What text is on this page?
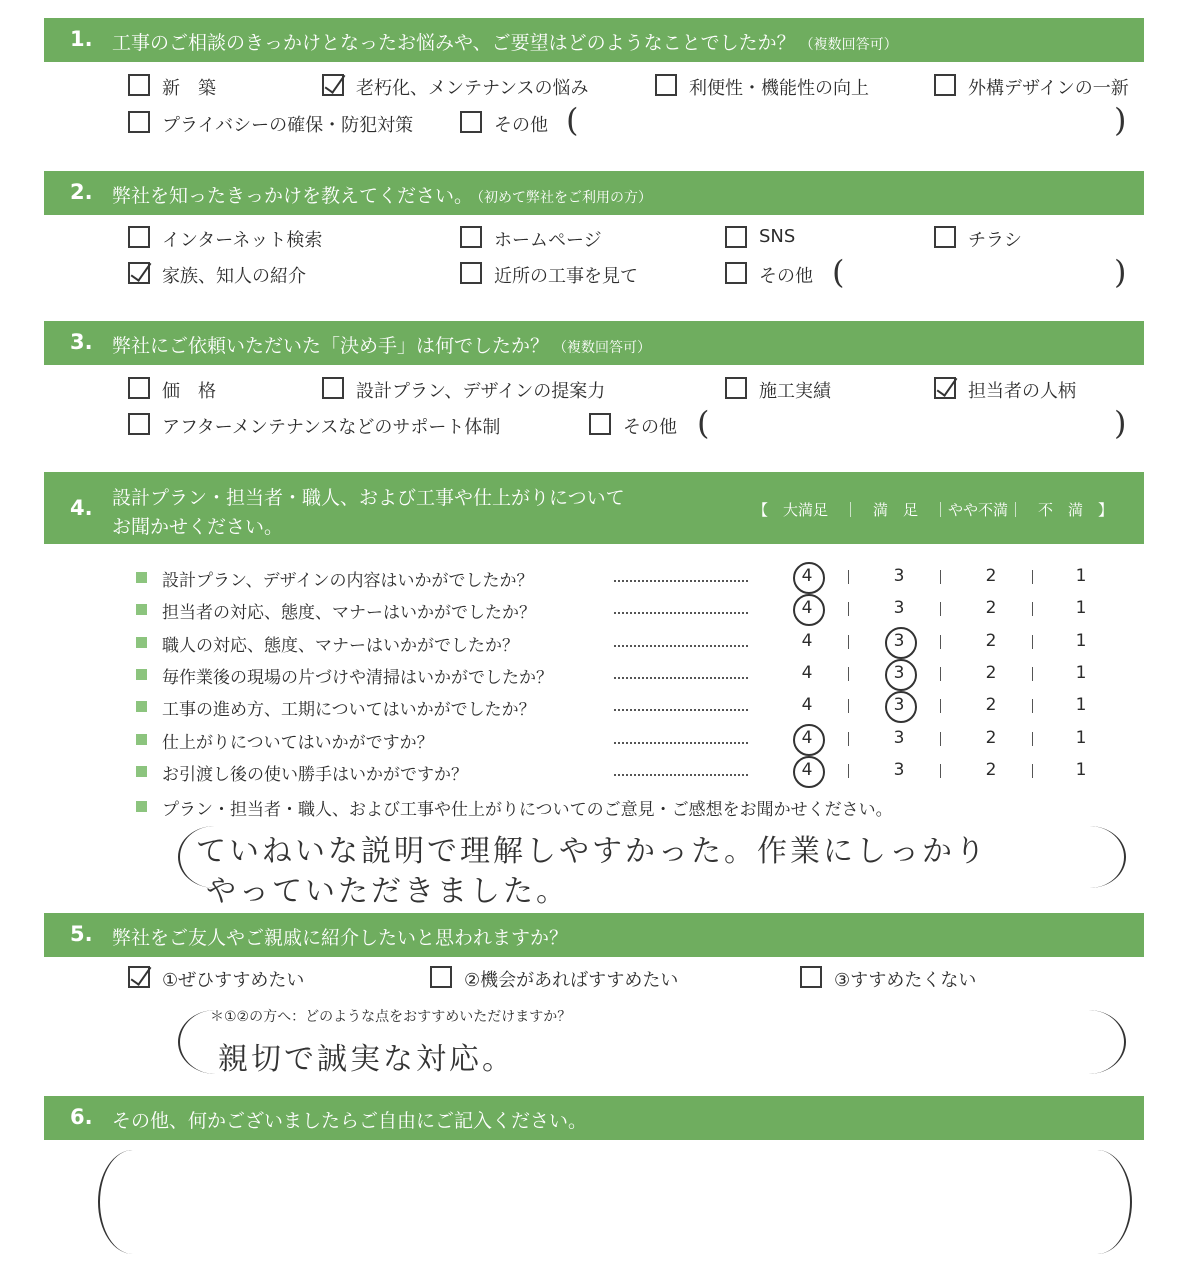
1. 工事のご相談のきっかけとなったお悩みや、ご要望はどのようなことでしたか？ （複数回答可）
新　築	老朽化、メンテナンスの悩み	利便性・機能性の向上	外構デザインの一新
プライバシーの確保・防犯対策	その他 (	)
2. 弊社を知ったきっかけを教えてください。 （初めて弊社をご利用の方）
インターネット検索	ホームページ	SNS	チラシ
家族、知人の紹介	近所の工事を見て	その他 (	)
3. 弊社にご依頼いただいた「決め手」は何でしたか？ （複数回答可）
価　格	設計プラン、デザインの提案力	施工実績	担当者の人柄
アフターメンテナンスなどのサポート体制	その他 (	)
4. 設計プラン・担当者・職人、および工事や仕上がりについて
お聞かせください。
【　大満足　｜　満　足　｜やや不満｜　不　満　】
設計プラン、デザインの内容はいかがでしたか？	4	3	2	1
担当者の対応、態度、マナーはいかがでしたか？	4	3	2	1
職人の対応、態度、マナーはいかがでしたか？	4	3	2	1
毎作業後の現場の片づけや清掃はいかがでしたか？	4	3	2	1
工事の進め方、工期についてはいかがでしたか？	4	3	2	1
仕上がりについてはいかがですか？	4	3	2	1
お引渡し後の使い勝手はいかがですか？	4	3	2	1
プラン・担当者・職人、および工事や仕上がりについてのご意見・ご感想をお聞かせください。
ていねいな説明で理解しやすかった。作業にしっかり
やっていただきました。
5. 弊社をご友人やご親戚に紹介したいと思われますか？
①ぜひすすめたい	②機会があればすすめたい	③すすめたくない
＊①②の方へ：どのような点をおすすめいただけますか？
親切で誠実な対応。
6. その他、何かございましたらご自由にご記入ください。
